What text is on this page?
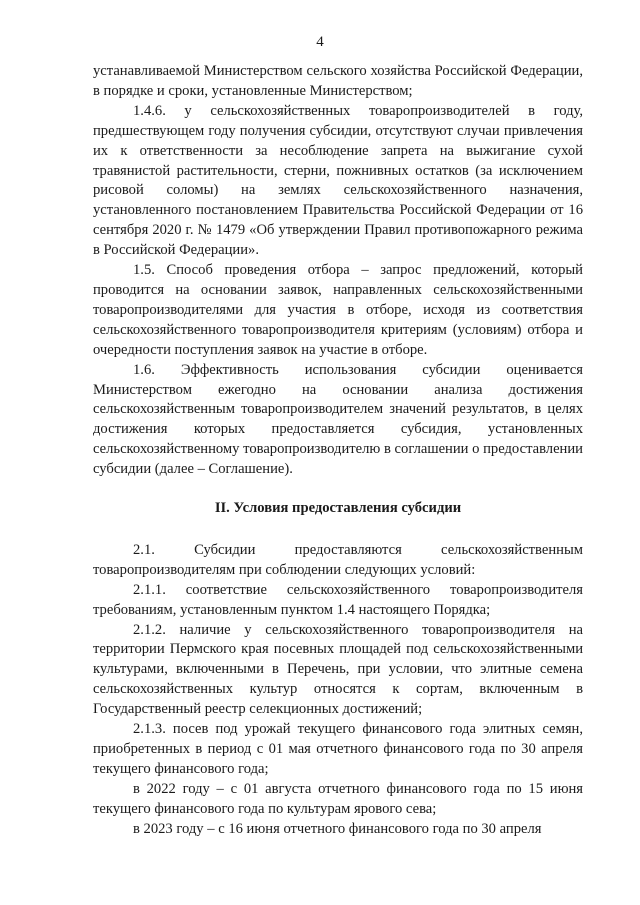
4

устанавливаемой Министерством сельского хозяйства Российской Федерации, в порядке и сроки, установленные Министерством;

1.4.6. у сельскохозяйственных товаропроизводителей в году, предшествующем году получения субсидии, отсутствуют случаи привлечения их к ответственности за несоблюдение запрета на выжигание сухой травянистой растительности, стерни, пожнивных остатков (за исключением рисовой соломы) на землях сельскохозяйственного назначения, установленного постановлением Правительства Российской Федерации от 16 сентября 2020 г. № 1479 «Об утверждении Правил противопожарного режима в Российской Федерации».

1.5. Способ проведения отбора – запрос предложений, который проводится на основании заявок, направленных сельскохозяйственными товаропроизводителями для участия в отборе, исходя из соответствия сельскохозяйственного товаропроизводителя критериям (условиям) отбора и очередности поступления заявок на участие в отборе.

1.6. Эффективность использования субсидии оценивается Министерством ежегодно на основании анализа достижения сельскохозяйственным товаропроизводителем значений результатов, в целях достижения которых предоставляется субсидия, установленных сельскохозяйственному товаропроизводителю в соглашении о предоставлении субсидии (далее – Соглашение).

II. Условия предоставления субсидии

2.1. Субсидии предоставляются сельскохозяйственным товаропроизводителям при соблюдении следующих условий:

2.1.1. соответствие сельскохозяйственного товаропроизводителя требованиям, установленным пунктом 1.4 настоящего Порядка;

2.1.2. наличие у сельскохозяйственного товаропроизводителя на территории Пермского края посевных площадей под сельскохозяйственными культурами, включенными в Перечень, при условии, что элитные семена сельскохозяйственных культур относятся к сортам, включенным в Государственный реестр селекционных достижений;

2.1.3. посев под урожай текущего финансового года элитных семян, приобретенных в период с 01 мая отчетного финансового года по 30 апреля текущего финансового года;

в 2022 году – с 01 августа отчетного финансового года по 15 июня текущего финансового года по культурам ярового сева;

в 2023 году – с 16 июня отчетного финансового года по 30 апреля
